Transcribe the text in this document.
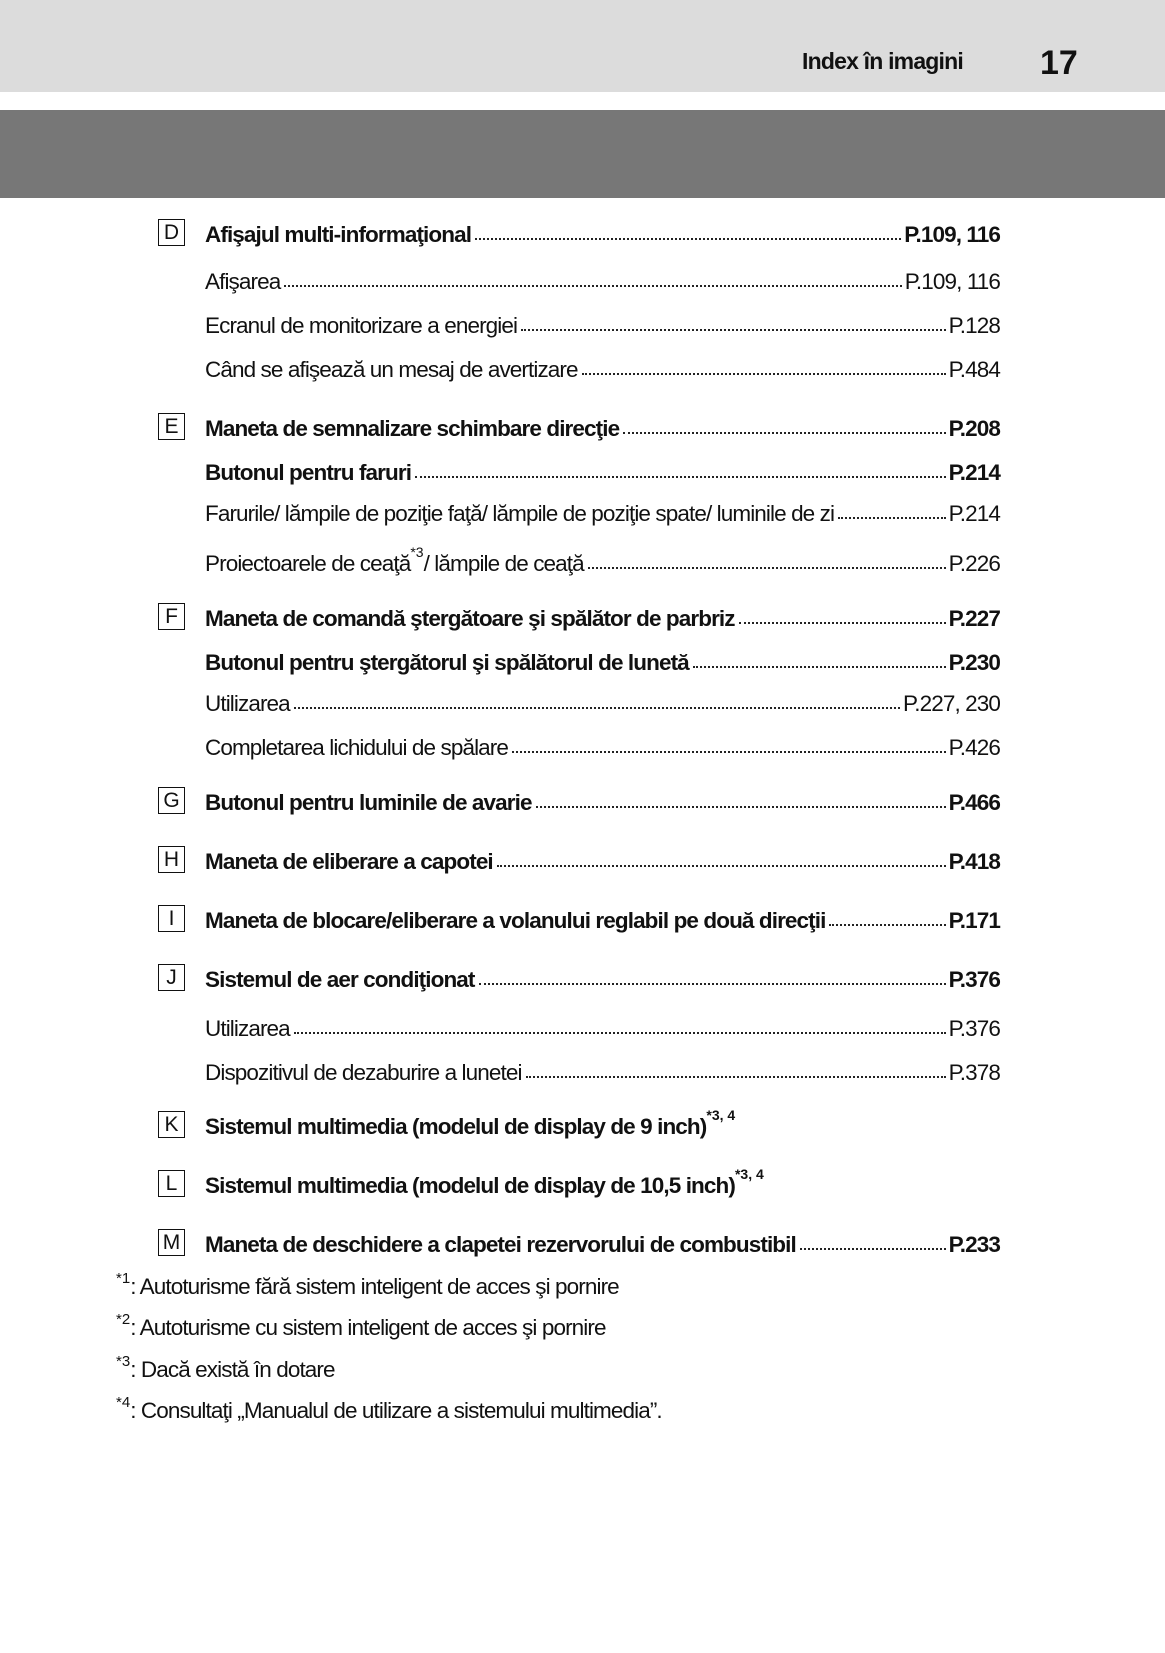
Index în imagini 17
D Afişajul multi-informaţional	P.109, 116
Afişarea	P.109, 116
Ecranul de monitorizare a energiei	P.128
Când se afişează un mesaj de avertizare	P.484
E Maneta de semnalizare schimbare direcţie	P.208
Butonul pentru faruri	P.214
Farurile/ lămpile de poziţie faţă/ lămpile de poziţie spate/ luminile de zi	P.214
Proiectoarele de ceaţă$^{*3}$/ lămpile de ceaţă	P.226
F	Maneta de comandă ştergătoare şi spălător de parbriz	P.227
Butonul pentru ştergătorul şi spălătorul de lunetă	P.230
Utilizarea	P.227, 230
Completarea lichidului de spălare	P.426
G Butonul pentru luminile de avarie	P.466
H Maneta de eliberare a capotei	P.418
I	Maneta de blocare/eliberare a volanului reglabil pe două direcţii	P.171
J	Sistemul de aer condiţionat	P.376
Utilizarea	P.376
Dispozitivul de dezaburire a lunetei	P.378
K Sistemul multimedia (modelul de display de 9 inch)$^{*3, 4}$
L	Sistemul multimedia (modelul de display de 10,5 inch)$^{*3, 4}$
M Maneta de deschidere a clapetei rezervorului de combustibil	P.233
$^{*1}$: Autoturisme fără sistem inteligent de acces şi pornire
$^{*2}$: Autoturisme cu sistem inteligent de acces şi pornire
$^{*3}$: Dacă există în dotare
$^{*4}$: Consultaţi „Manualul de utilizare a sistemului multimedia”.
